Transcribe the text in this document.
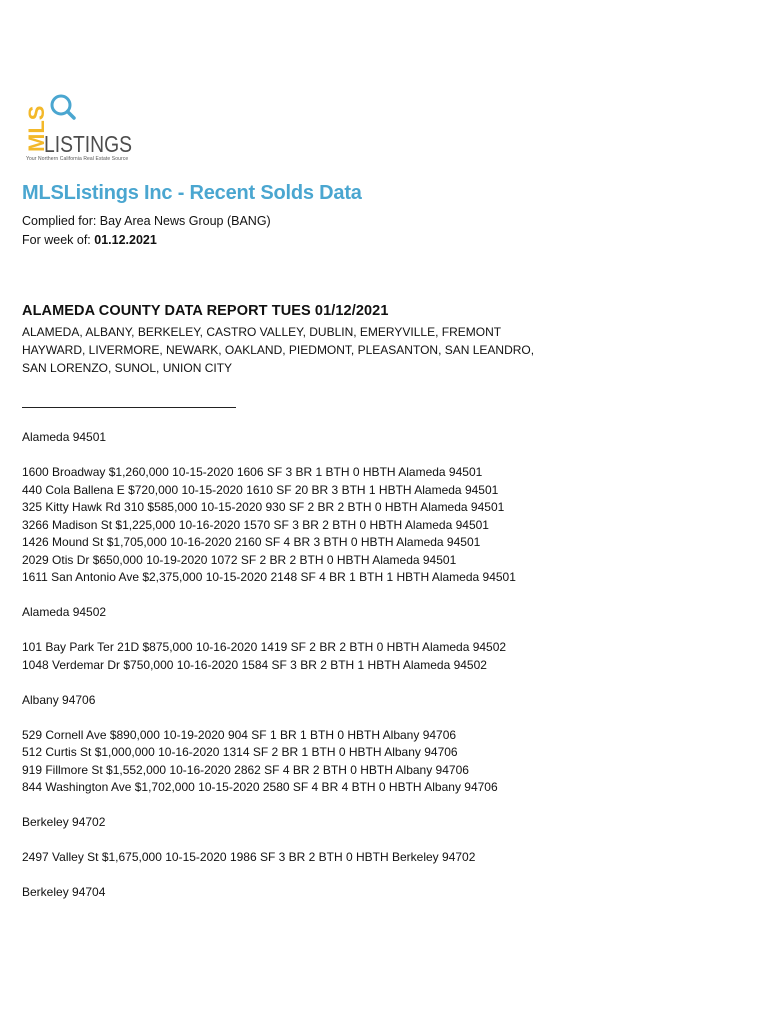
MLS
LISTINGS
Your Northern California Real Estate Source
MLSListings Inc - Recent Solds Data
Complied for: Bay Area News Group (BANG)
For week of: 01.12.2021
ALAMEDA COUNTY DATA REPORT TUES 01/12/2021
ALAMEDA, ALBANY, BERKELEY, CASTRO VALLEY, DUBLIN, EMERYVILLE, FREMONT
HAYWARD, LIVERMORE, NEWARK, OAKLAND, PIEDMONT, PLEASANTON, SAN LEANDRO,
SAN LORENZO, SUNOL, UNION CITY
Alameda 94501
1600 Broadway $1,260,000 10-15-2020 1606 SF 3 BR 1 BTH 0 HBTH Alameda 94501
440 Cola Ballena E $720,000 10-15-2020 1610 SF 20 BR 3 BTH 1 HBTH Alameda 94501
325 Kitty Hawk Rd 310 $585,000 10-15-2020 930 SF 2 BR 2 BTH 0 HBTH Alameda 94501
3266 Madison St $1,225,000 10-16-2020 1570 SF 3 BR 2 BTH 0 HBTH Alameda 94501
1426 Mound St $1,705,000 10-16-2020 2160 SF 4 BR 3 BTH 0 HBTH Alameda 94501
2029 Otis Dr $650,000 10-19-2020 1072 SF 2 BR 2 BTH 0 HBTH Alameda 94501
1611 San Antonio Ave $2,375,000 10-15-2020 2148 SF 4 BR 1 BTH 1 HBTH Alameda 94501
Alameda 94502
101 Bay Park Ter 21D $875,000 10-16-2020 1419 SF 2 BR 2 BTH 0 HBTH Alameda 94502
1048 Verdemar Dr $750,000 10-16-2020 1584 SF 3 BR 2 BTH 1 HBTH Alameda 94502
Albany 94706
529 Cornell Ave $890,000 10-19-2020 904 SF 1 BR 1 BTH 0 HBTH Albany 94706
512 Curtis St $1,000,000 10-16-2020 1314 SF 2 BR 1 BTH 0 HBTH Albany 94706
919 Fillmore St $1,552,000 10-16-2020 2862 SF 4 BR 2 BTH 0 HBTH Albany 94706
844 Washington Ave $1,702,000 10-15-2020 2580 SF 4 BR 4 BTH 0 HBTH Albany 94706
Berkeley 94702
2497 Valley St $1,675,000 10-15-2020 1986 SF 3 BR 2 BTH 0 HBTH Berkeley 94702
Berkeley 94704
